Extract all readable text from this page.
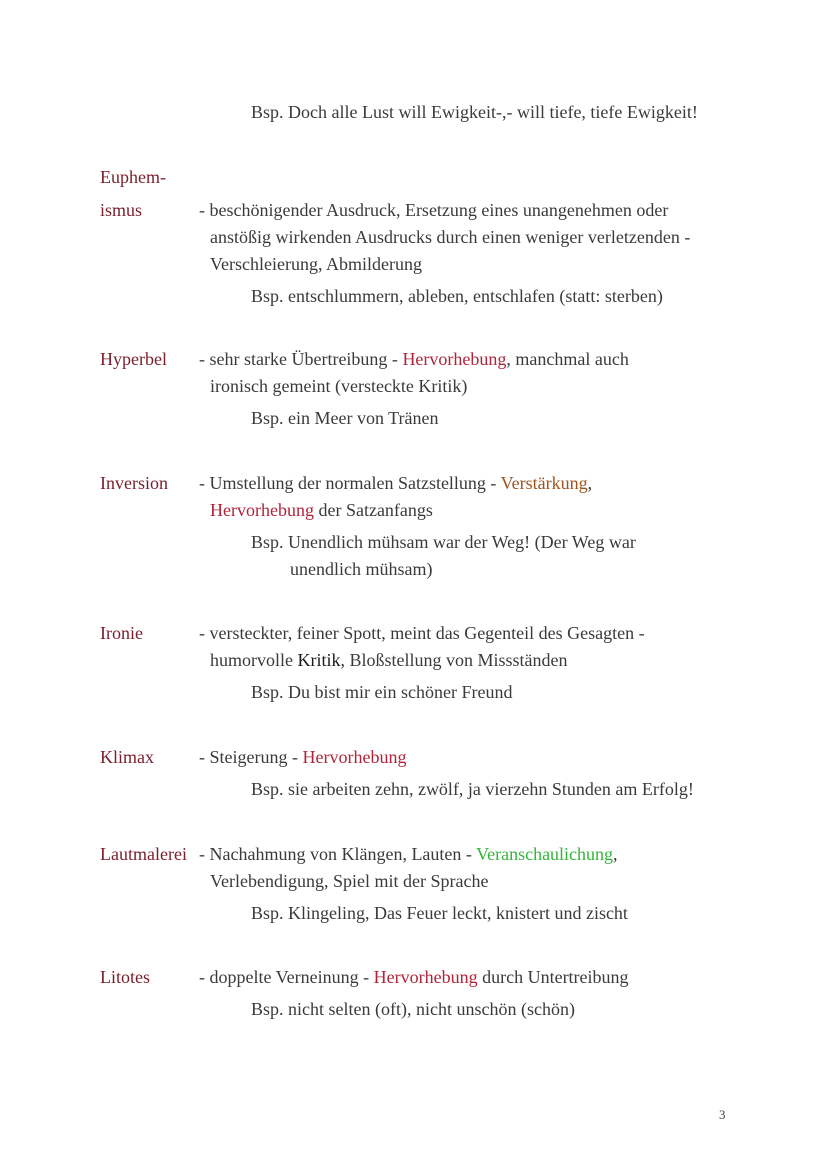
Bsp. Doch alle Lust will Ewigkeit-,- will tiefe, tiefe Ewigkeit!
Euphem-
ismus	- beschönigender Ausdruck, Ersetzung eines unangenehmen oder
anstößig wirkenden Ausdrucks durch einen weniger verletzenden -
Verschleierung, Abmilderung
Bsp. entschlummern, ableben, entschlafen (statt: sterben)
Hyperbel - sehr starke Übertreibung - Hervorhebung, manchmal auch
ironisch gemeint (versteckte Kritik)
Bsp. ein Meer von Tränen
Inversion - Umstellung der normalen Satzstellung - Verstärkung,
Hervorhebung der Satzanfangs
Bsp. Unendlich mühsam war der Weg! (Der Weg war
unendlich mühsam)
Ironie	- versteckter, feiner Spott, meint das Gegenteil des Gesagten -
humorvolle Kritik, Bloßstellung von Missständen
Bsp. Du bist mir ein schöner Freund
Klimax	- Steigerung - Hervorhebung
Bsp. sie arbeiten zehn, zwölf, ja vierzehn Stunden am Erfolg!
Lautmalerei - Nachahmung von Klängen, Lauten - Veranschaulichung,
Verlebendigung, Spiel mit der Sprache
Bsp. Klingeling, Das Feuer leckt, knistert und zischt
Litotes	- doppelte Verneinung - Hervorhebung durch Untertreibung
Bsp. nicht selten (oft), nicht unschön (schön)
3
